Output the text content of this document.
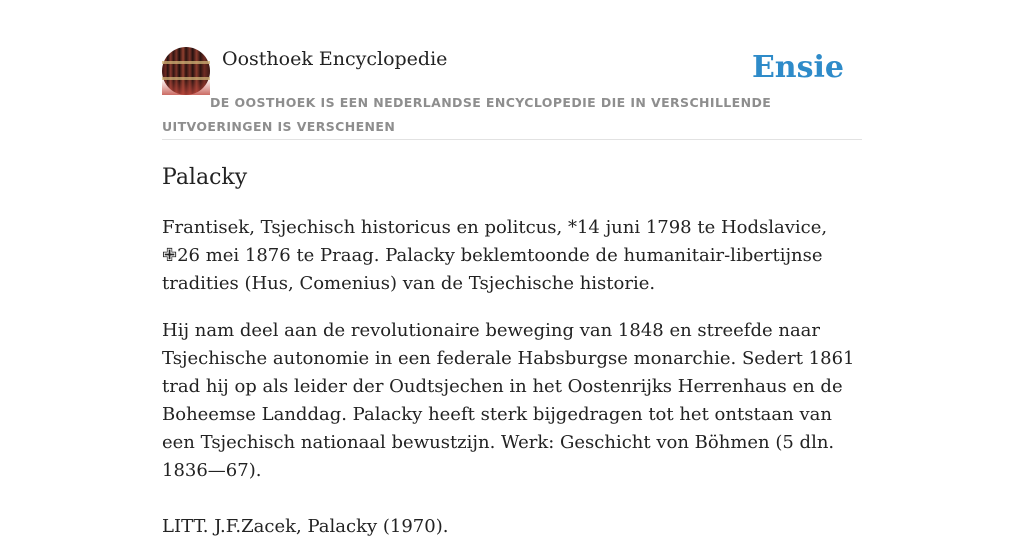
Oosthoek Encyclopedie	Ensie
DE OOSTHOEK IS EEN NEDERLANDSE ENCYCLOPEDIE DIE IN VERSCHILLENDE UITVOERINGEN IS VERSCHENEN
Palacky

Frantisek, Tsjechisch historicus en politcus, *14 juni 1798 te Hodslavice, ✙26 mei 1876 te Praag. Palacky beklemtoonde de humanitair-libertijnse tradities (Hus, Comenius) van de Tsjechische historie.

Hij nam deel aan de revolutionaire beweging van 1848 en streefde naar Tsjechische autonomie in een federale Habsburgse monarchie. Sedert 1861 trad hij op als leider der Oudtsjechen in het Oostenrijks Herrenhaus en de Boheemse Landdag. Palacky heeft sterk bijgedragen tot het ontstaan van een Tsjechisch nationaal bewustzijn. Werk: Geschicht von Böhmen (5 dln. 1836—67).

LITT. J.F.Zacek, Palacky (1970).
